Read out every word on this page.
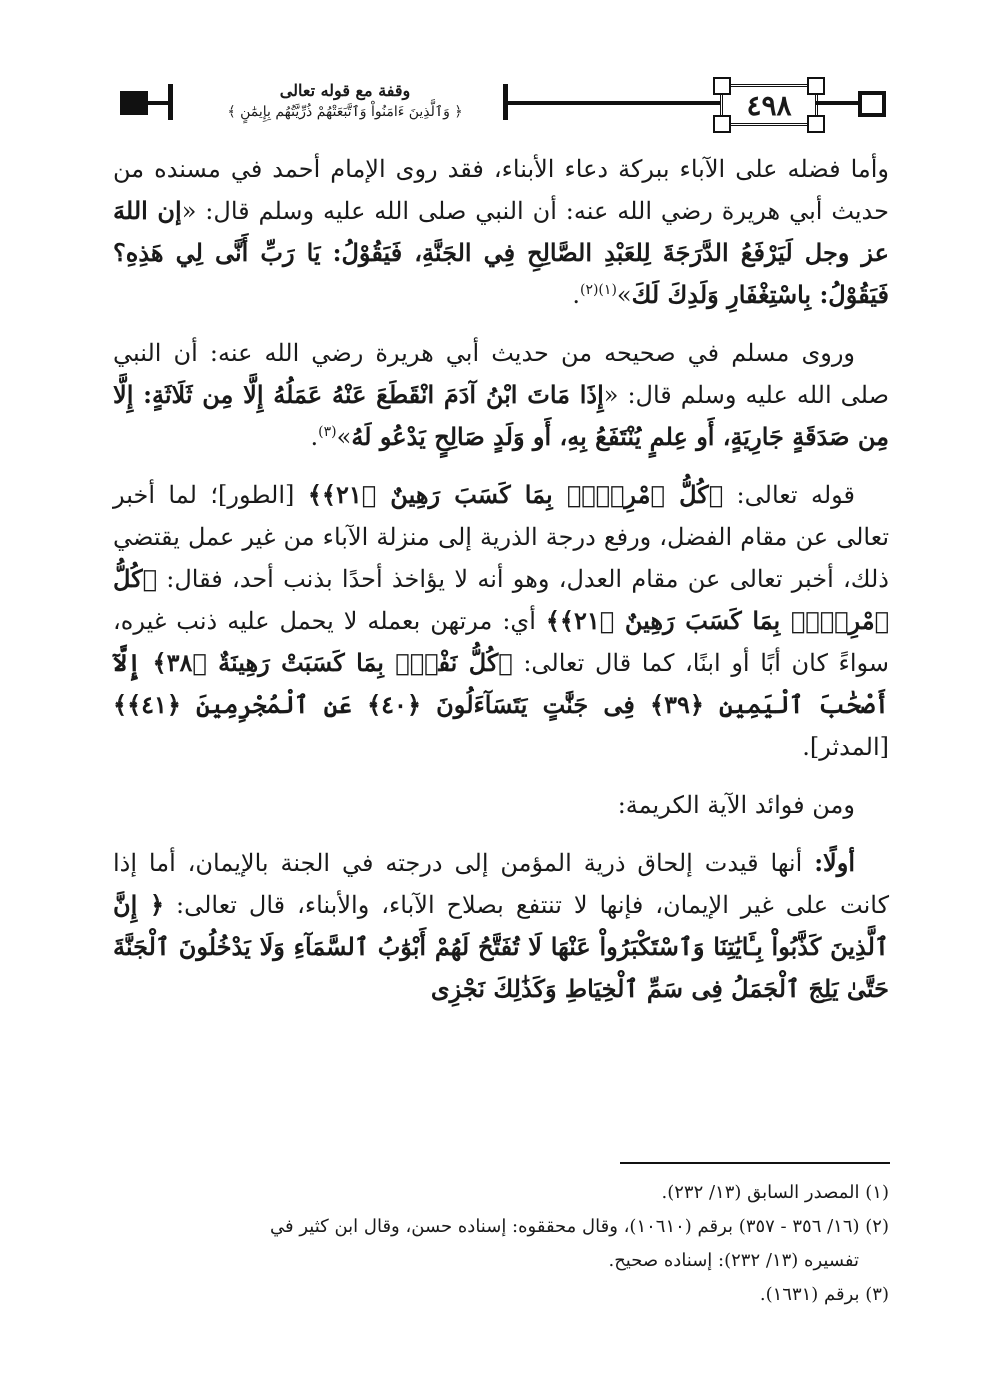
وقفة مع قوله تعالى
﴿ وَٱلَّذِينَ ءَامَنُواْ وَٱتَّبَعَتْهُمْ ذُرِّيَّتُهُم بِإِيمَٰنٍ ﴾	٤٩٨

وأما فضله على الآباء ببركة دعاء الأبناء، فقد روى الإمام أحمد في مسنده من حديث أبي هريرة رضي الله عنه: أن النبي صلى الله عليه وسلم قال: «إن اللهَ عز وجل لَيَرْفَعُ الدَّرَجَةَ لِلعَبْدِ الصَّالِحِ فِي الجَنَّةِ، فَيَقُوْلُ: يَا رَبِّ أَنَّى لِي هَذِهِ؟ فَيَقُوْلُ: بِاسْتِغْفَارِ وَلَدِكَ لَكَ»$^{(١)(٢)}$.

وروى مسلم في صحيحه من حديث أبي هريرة رضي الله عنه: أن النبي صلى الله عليه وسلم قال: «إِذَا مَاتَ ابْنُ آدَمَ انْقَطَعَ عَنْهُ عَمَلُهُ إِلَّا مِن ثَلَاثَةٍ: إِلَّا مِن صَدَقَةٍ جَارِيَةٍ، أَو عِلمٍ يُنْتَفَعُ بِهِ، أَو وَلَدٍ صَالِحٍ يَدْعُو لَهُ»$^{(٣)}$.

قوله تعالى: ﴿كُلُّ ٱمْرِيِٕۭ بِمَا كَسَبَ رَهِينٌ ﴿٢١﴾﴾ [الطور]؛ لما أخبر تعالى عن مقام الفضل، ورفع درجة الذرية إلى منزلة الآباء من غير عمل يقتضي ذلك، أخبر تعالى عن مقام العدل، وهو أنه لا يؤاخذ أحدًا بذنب أحد، فقال: ﴿كُلُّ ٱمْرِيِٕۭ بِمَا كَسَبَ رَهِينٌ ﴿٢١﴾﴾ أي: مرتهن بعمله لا يحمل عليه ذنب غيره، سواءً كان أبًا أو ابنًا، كما قال تعالى: ﴿كُلُّ نَفْسٍۭ بِمَا كَسَبَتْ رَهِينَةٌ ﴿٣٨﴾ إِلَّآ أَصْحَٰبَ ٱلْيَمِينِ ﴿٣٩﴾ فِى جَنَّٰتٍ يَتَسَآءَلُونَ ﴿٤٠﴾ عَنِ ٱلْمُجْرِمِينَ ﴿٤١﴾﴾ [المدثر].

ومن فوائد الآية الكريمة:

أولًا: أنها قيدت إلحاق ذرية المؤمن إلى درجته في الجنة بالإيمان، أما إذا كانت على غير الإيمان، فإنها لا تنتفع بصلاح الآباء، والأبناء، قال تعالى: ﴿ إِنَّ ٱلَّذِينَ كَذَّبُواْ بِـَٔايَٰتِنَا وَٱسْتَكْبَرُواْ عَنْهَا لَا تُفَتَّحُ لَهُمْ أَبْوَٰبُ ٱلسَّمَآءِ وَلَا يَدْخُلُونَ ٱلْجَنَّةَ حَتَّىٰ يَلِجَ ٱلْجَمَلُ فِى سَمِّ ٱلْخِيَاطِ وَكَذَٰلِكَ نَجْزِى

(١) المصدر السابق (١٣/ ٢٣٢).
(٢) (١٦/ ٣٥٦ - ٣٥٧) برقم (١٠٦١٠)، وقال محققوه: إسناده حسن، وقال ابن كثير في
تفسيره (١٣/ ٢٣٢): إسناده صحيح.
(٣) برقم (١٦٣١).
